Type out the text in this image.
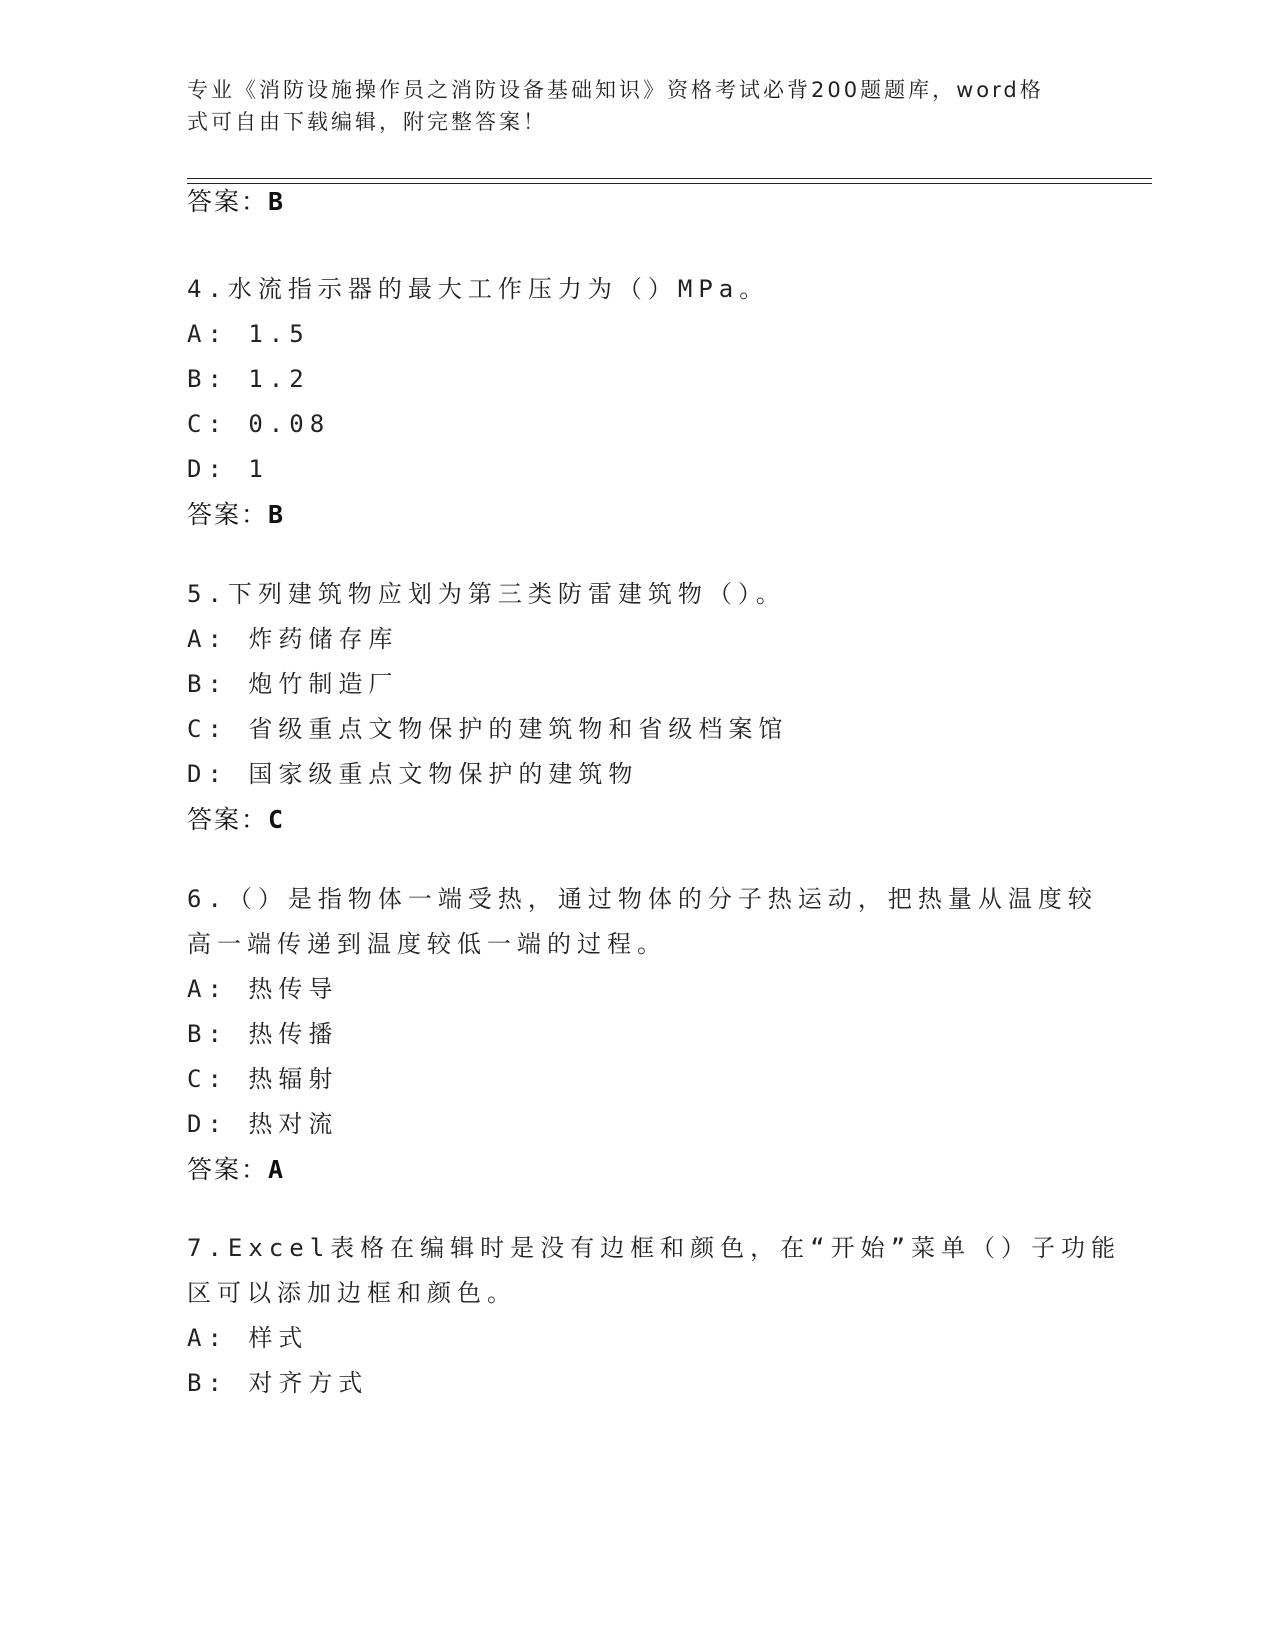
专业《消防设施操作员之消防设备基础知识》资格考试必背200题题库，word格
式可自由下载编辑，附完整答案！
答案：B
4.水流指示器的最大工作压力为（）MPa。
A: 1.5
B: 1.2
C: 0.08
D: 1
答案：B
5.下列建筑物应划为第三类防雷建筑物（）。
A: 炸药储存库
B: 炮竹制造厂
C: 省级重点文物保护的建筑物和省级档案馆
D: 国家级重点文物保护的建筑物
答案：C
6.（）是指物体一端受热，通过物体的分子热运动，把热量从温度较
高一端传递到温度较低一端的过程。
A: 热传导
B: 热传播
C: 热辐射
D: 热对流
答案：A
7.Excel表格在编辑时是没有边框和颜色，在“开始”菜单（）子功能
区可以添加边框和颜色。
A: 样式
B: 对齐方式
